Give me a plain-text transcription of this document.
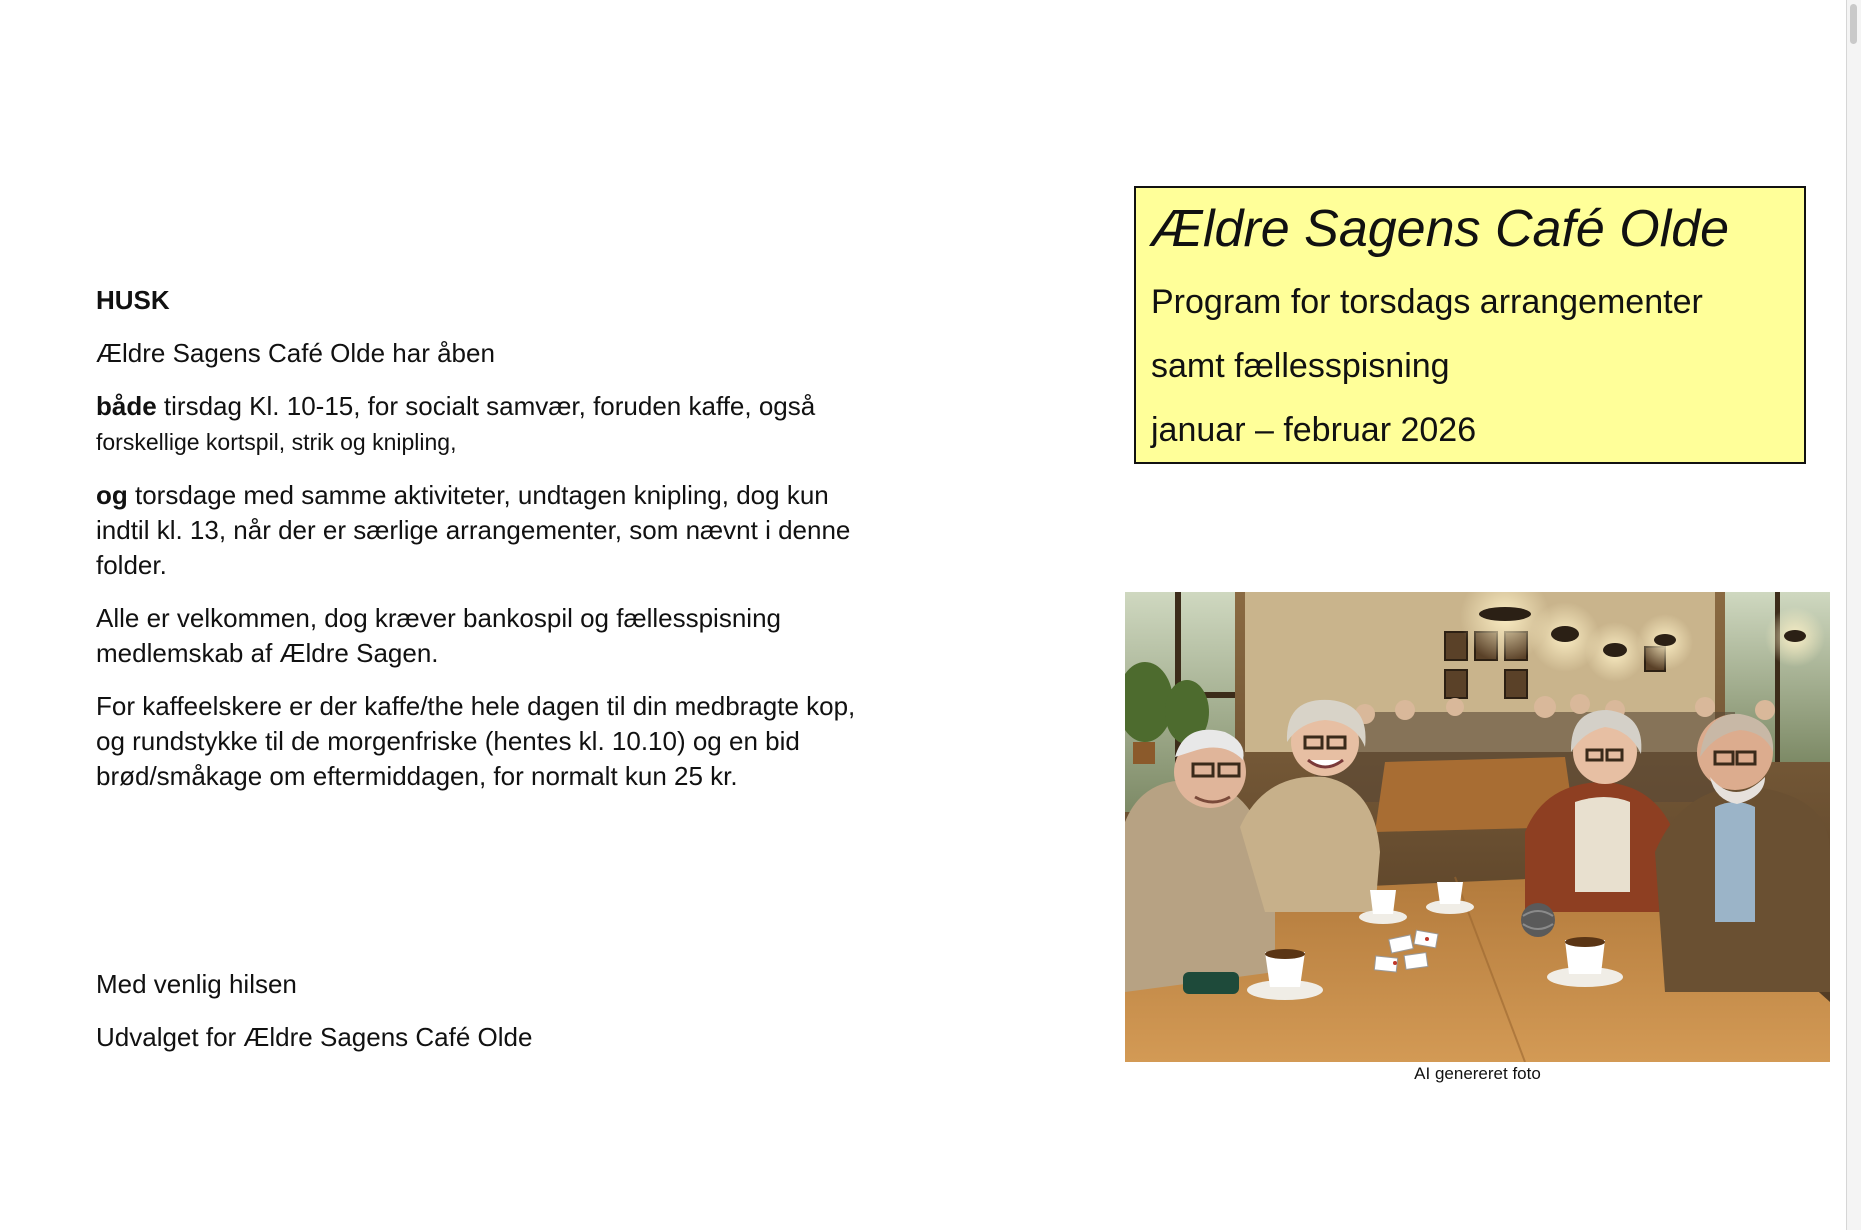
HUSK

Ældre Sagens Café Olde har åben

både tirsdag Kl. 10-15, for socialt samvær, foruden kaffe, også
forskellige kortspil, strik og knipling,

og torsdage med samme aktiviteter, undtagen knipling, dog kun
indtil kl. 13, når der er særlige arrangementer, som nævnt i denne
folder.

Alle er velkommen, dog kræver bankospil og fællesspisning
medlemskab af Ældre Sagen.

For kaffeelskere er der kaffe/the hele dagen til din medbragte kop,
og rundstykke til de morgenfriske (hentes kl. 10.10) og en bid
brød/småkage om eftermiddagen, for normalt kun 25 kr.

Med venlig hilsen
Udvalget for Ældre Sagens Café Olde

Ældre Sagens Café Olde

Program for torsdags arrangementer

samt fællesspisning

januar – februar 2026

AI genereret foto
